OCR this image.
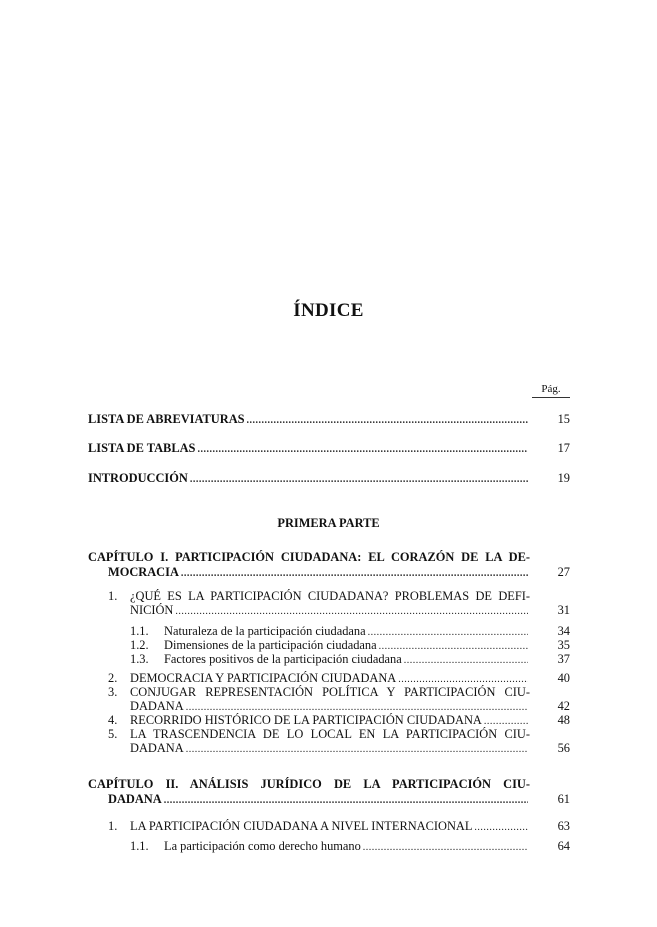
ÍNDICE
Pág.
LISTA DE ABREVIATURAS .....	15
LISTA DE TABLAS .....	17
INTRODUCCIÓN .....	19
PRIMERA PARTE
CAPÍTULO I. PARTICIPACIÓN CIUDADANA: EL CORAZÓN DE LA DE-
MOCRACIA .....	27
1. ¿QUÉ ES LA PARTICIPACIÓN CIUDADANA? PROBLEMAS DE DEFI-
NICIÓN .....	31
1.1. Naturaleza de la participación ciudadana .....	34
1.2. Dimensiones de la participación ciudadana .....	35
1.3. Factores positivos de la participación ciudadana .....	37
2. DEMOCRACIA Y PARTICIPACIÓN CIUDADANA .....	40
3. CONJUGAR REPRESENTACIÓN POLÍTICA Y PARTICIPACIÓN CIU-
DADANA .....	42
4. RECORRIDO HISTÓRICO DE LA PARTICIPACIÓN CIUDADANA .....	48
5. LA TRASCENDENCIA DE LO LOCAL EN LA PARTICIPACIÓN CIU-
DADANA .....	56
CAPÍTULO II. ANÁLISIS JURÍDICO DE LA PARTICIPACIÓN CIU-
DADANA .....	61
1. LA PARTICIPACIÓN CIUDADANA A NIVEL INTERNACIONAL .....	63
1.1. La participación como derecho humano .....	64
